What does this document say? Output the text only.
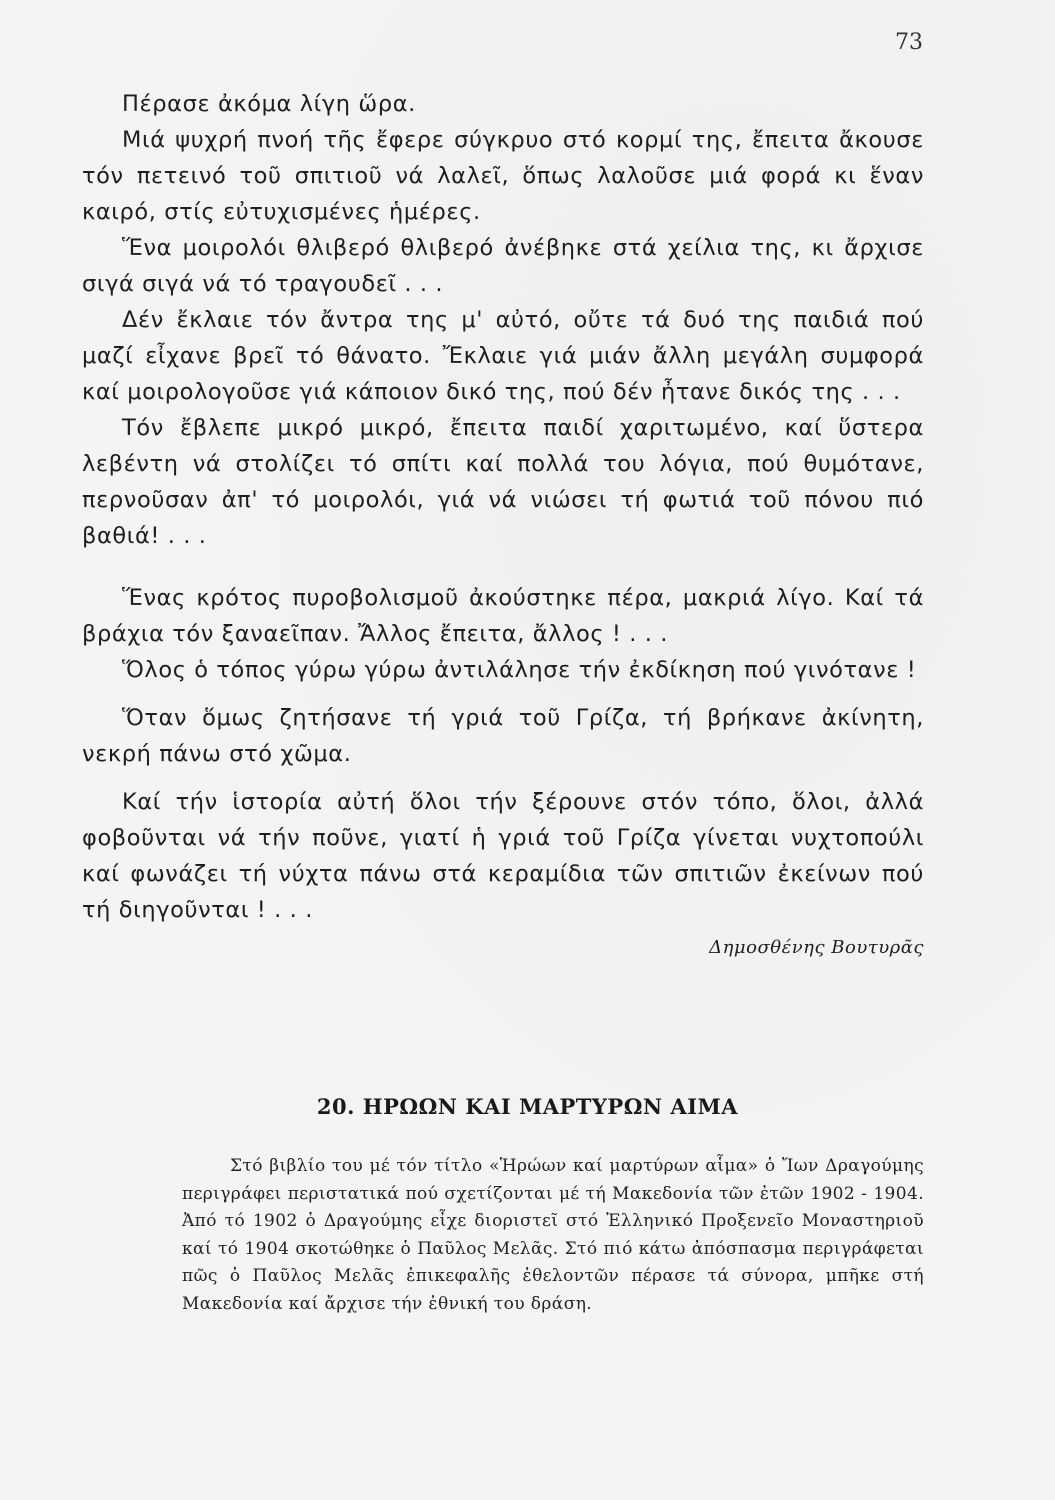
73

Πέρασε ἀκόμα λίγη ὥρα.

Μιά ψυχρή πνοή τῆς ἔφερε σύγκρυο στό κορμί της, ἔπειτα ἄκουσε τόν πετεινό τοῦ σπιτιοῦ νά λαλεῖ, ὅπως λαλοῦσε μιά φορά κι ἕναν καιρό, στίς εὐτυχισμένες ἡμέρες.

Ἕνα μοιρολόι θλιβερό θλιβερό ἀνέβηκε στά χείλια της, κι ἄρχισε σιγά σιγά νά τό τραγουδεῖ . . .

Δέν ἔκλαιε τόν ἄντρα της μ' αὐτό, οὔτε τά δυό της παιδιά πού μαζί εἶχανε βρεῖ τό θάνατο. Ἔκλαιε γιά μιάν ἄλλη μεγάλη συμφορά καί μοιρολογοῦσε γιά κάποιον δικό της, πού δέν ἦτανε δικός της . . .

Τόν ἔβλεπε μικρό μικρό, ἔπειτα παιδί χαριτωμένο, καί ὕστερα λεβέντη νά στολίζει τό σπίτι καί πολλά του λόγια, πού θυμότανε, περνοῦσαν ἀπ' τό μοιρολόι, γιά νά νιώσει τή φωτιά τοῦ πόνου πιό βαθιά! . . .

Ἕνας κρότος πυροβολισμοῦ ἀκούστηκε πέρα, μακριά λίγο. Καί τά βράχια τόν ξαναεῖπαν. Ἄλλος ἔπειτα, ἄλλος ! . . .

Ὅλος ὁ τόπος γύρω γύρω ἀντιλάλησε τήν ἐκδίκηση πού γινότανε !

Ὅταν ὅμως ζητήσανε τή γριά τοῦ Γρίζα, τή βρήκανε ἀκίνητη, νεκρή πάνω στό χῶμα.

Καί τήν ἱστορία αὐτή ὅλοι τήν ξέρουνε στόν τόπο, ὅλοι, ἀλλά φοβοῦνται νά τήν ποῦνε, γιατί ἡ γριά τοῦ Γρίζα γίνεται νυχτοπούλι καί φωνάζει τή νύχτα πάνω στά κεραμίδια τῶν σπιτιῶν ἐκείνων πού τή διηγοῦνται ! . . .

Δημοσθένης Βουτυρᾶς
20. ΗΡΩΩΝ ΚΑΙ ΜΑΡΤΥΡΩΝ ΑΙΜΑ

Στό βιβλίο του μέ τόν τίτλο «Ἡρώων καί μαρτύρων αἷμα» ὁ Ἴων Δραγούμης περιγράφει περιστατικά πού σχετίζονται μέ τή Μακεδονία τῶν ἐτῶν 1902 - 1904. Ἀπό τό 1902 ὁ Δραγούμης εἶχε διοριστεῖ στό Ἑλληνικό Προξενεῖο Μοναστηριοῦ καί τό 1904 σκοτώθηκε ὁ Παῦλος Μελᾶς. Στό πιό κάτω ἀπόσπασμα περιγράφεται πῶς ὁ Παῦλος Μελᾶς ἐπικεφαλῆς ἐθελοντῶν πέρασε τά σύνορα, μπῆκε στή Μακεδονία καί ἄρχισε τήν ἐθνική του δράση.
